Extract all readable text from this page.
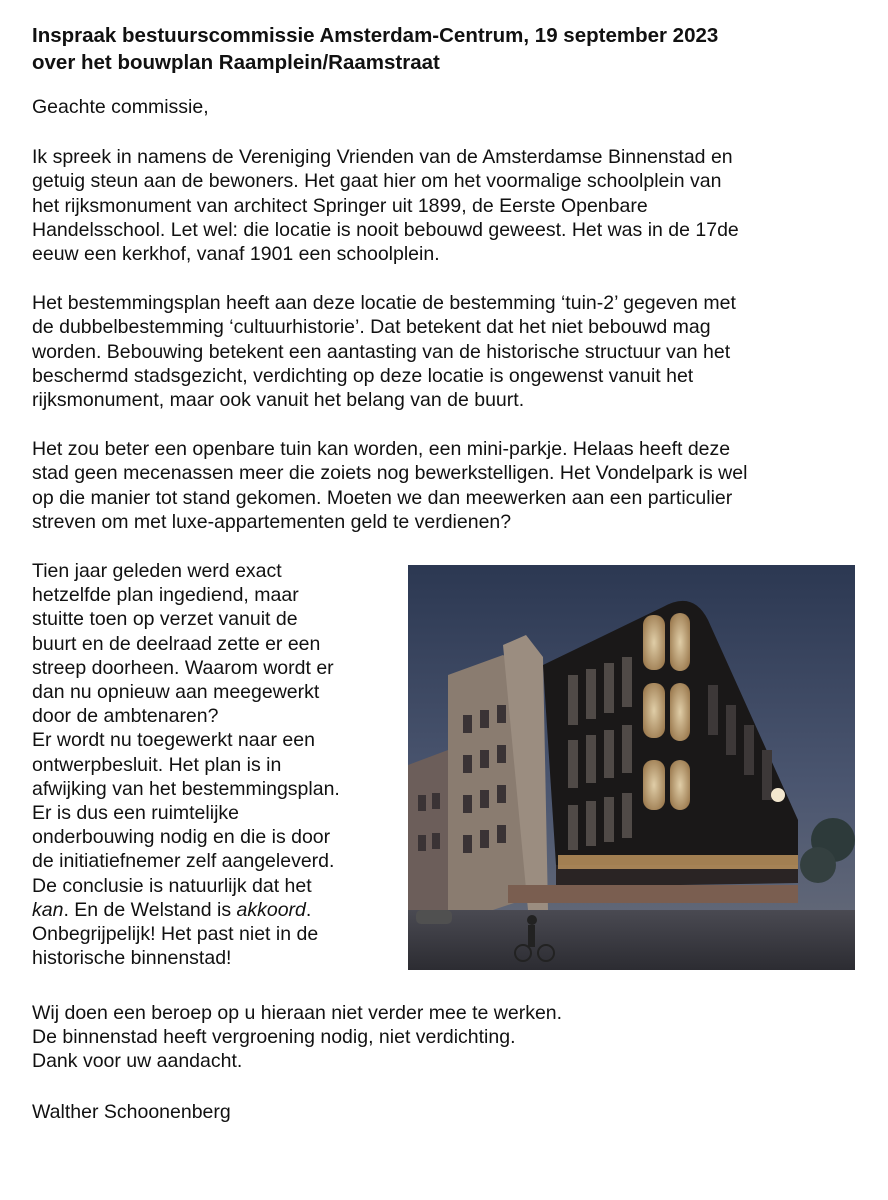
Inspraak bestuurscommissie Amsterdam-Centrum, 19 september 2023
over het bouwplan Raamplein/Raamstraat

Geachte commissie,

Ik spreek in namens de Vereniging Vrienden van de Amsterdamse Binnenstad en
getuig steun aan de bewoners. Het gaat hier om het voormalige schoolplein van
het rijksmonument van architect Springer uit 1899, de Eerste Openbare
Handelsschool. Let wel: die locatie is nooit bebouwd geweest. Het was in de 17de
eeuw een kerkhof, vanaf 1901 een schoolplein.

Het bestemmingsplan heeft aan deze locatie de bestemming ‘tuin-2’ gegeven met
de dubbelbestemming ‘cultuurhistorie’. Dat betekent dat het niet bebouwd mag
worden. Bebouwing betekent een aantasting van de historische structuur van het
beschermd stadsgezicht, verdichting op deze locatie is ongewenst vanuit het
rijksmonument, maar ook vanuit het belang van de buurt.

Het zou beter een openbare tuin kan worden, een mini-parkje. Helaas heeft deze
stad geen mecenassen meer die zoiets nog bewerkstelligen. Het Vondelpark is wel
op die manier tot stand gekomen. Moeten we dan meewerken aan een particulier
streven om met luxe-appartementen geld te verdienen?

Tien jaar geleden werd exact
hetzelfde plan ingediend, maar
stuitte toen op verzet vanuit de
buurt en de deelraad zette er een
streep doorheen. Waarom wordt er
dan nu opnieuw aan meegewerkt
door de ambtenaren?
Er wordt nu toegewerkt naar een
ontwerpbesluit. Het plan is in
afwijking van het bestemmingsplan.
Er is dus een ruimtelijke
onderbouwing nodig en die is door
de initiatiefnemer zelf aangeleverd.
De conclusie is natuurlijk dat het
kan. En de Welstand is akkoord.
Onbegrijpelijk! Het past niet in de
historische binnenstad!

Wij doen een beroep op u hieraan niet verder mee te werken.
De binnenstad heeft vergroening nodig, niet verdichting.
Dank voor uw aandacht.

Walther Schoonenberg
